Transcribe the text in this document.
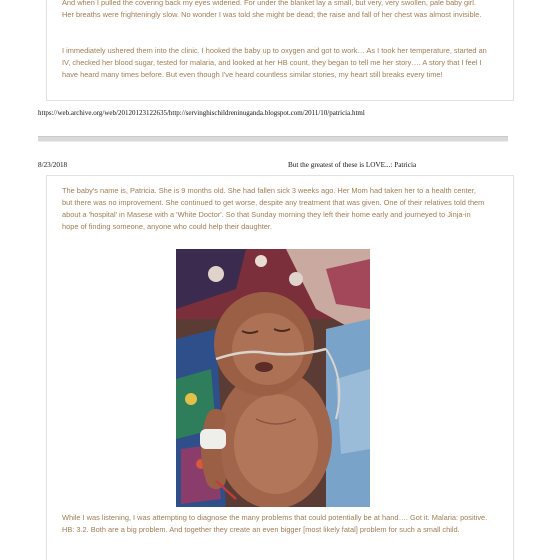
And when I pulled the covering back my eyes widened. For under the blanket lay a small, but very, very swollen, pale baby girl. Her breaths were frighteningly slow. No wonder I was told she might be dead; the raise and fall of her chest was almost invisible.

I immediately ushered them into the clinic. I hooked the baby up to oxygen and got to work… As I took her temperature, started an IV, checked her blood sugar, tested for malaria, and looked at her HB count, they began to tell me her story…. A story that I feel I have heard many times before. But even though I've heard countless similar stories, my heart still breaks every time!

https://web.archive.org/web/20120123122635/http://servinghischildreninuganda.blogspot.com/2011/10/patricia.html
8/23/2018	But the greatest of these is LOVE...: Patricia

The baby's name is, Patricia. She is 9 months old. She had fallen sick 3 weeks ago. Her Mom had taken her to a health center, but there was no improvement. She continued to get worse, despite any treatment that was given. One of their relatives told them about a 'hospital' in Masese with a 'White Doctor'. So that Sunday morning they left their home early and journeyed to Jinja-in hope of finding someone, anyone who could help their daughter.

While I was listening, I was attempting to diagnose the many problems that could potentially be at hand…. Got it. Malaria: positive. HB: 3.2. Both are a big problem. And together they create an even bigger [most likely fatal] problem for such a small child.
